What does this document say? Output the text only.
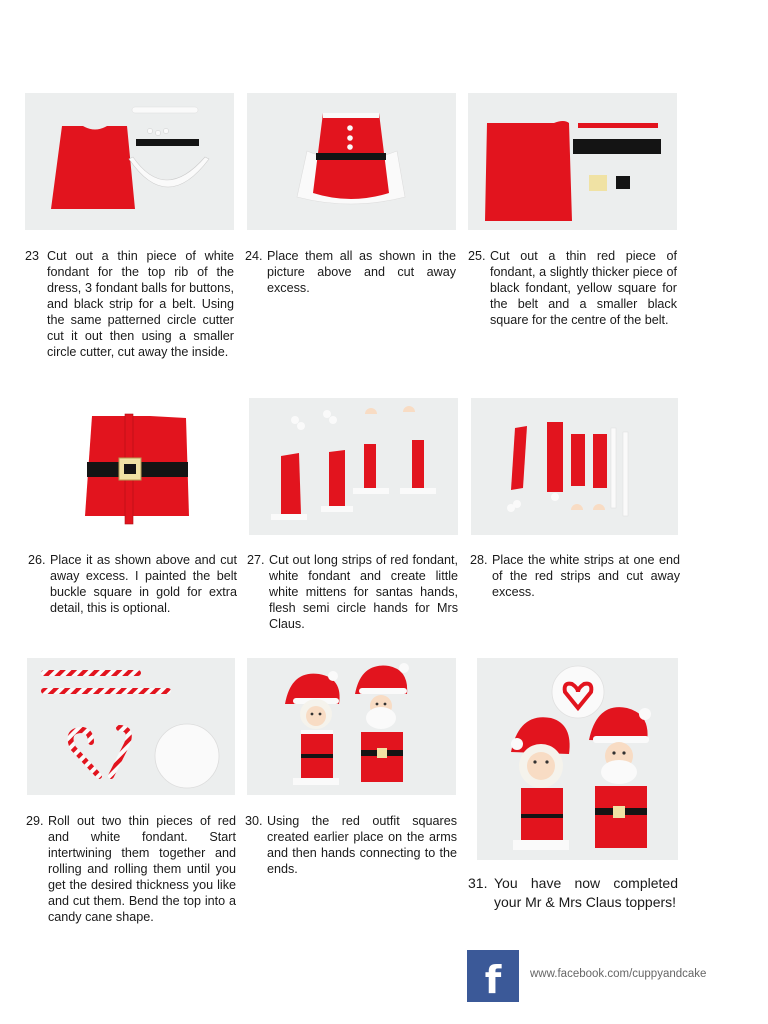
23 Cut out a thin piece of white fondant for the top rib of the dress, 3 fondant balls for buttons, and black strip for a belt. Using the same patterned circle cutter cut it out then using a smaller circle cutter, cut away the inside.
24. Place them all as shown in the picture above and cut away excess.
25. Cut out a thin red piece of fondant, a slightly thicker piece of black fondant, yellow square for the belt and a smaller black square for the centre of the belt.
26. Place it as shown above and cut away excess. I painted the belt buckle square in gold for extra detail, this is optional.
27. Cut out long strips of red fondant, white fondant and create little white mittens for santas hands, flesh semi circle hands for Mrs Claus.
28. Place the white strips at one end of the red strips and cut away excess.
29. Roll out two thin pieces of red and white fondant. Start intertwining them together and rolling and rolling them until you get the desired thickness you like and cut them. Bend the top into a candy cane shape.
30. Using the red outfit squares created earlier place on the arms and then hands connecting to the ends.
31. You have now completed your Mr & Mrs Claus toppers!
f www.facebook.com/cuppyandcake
